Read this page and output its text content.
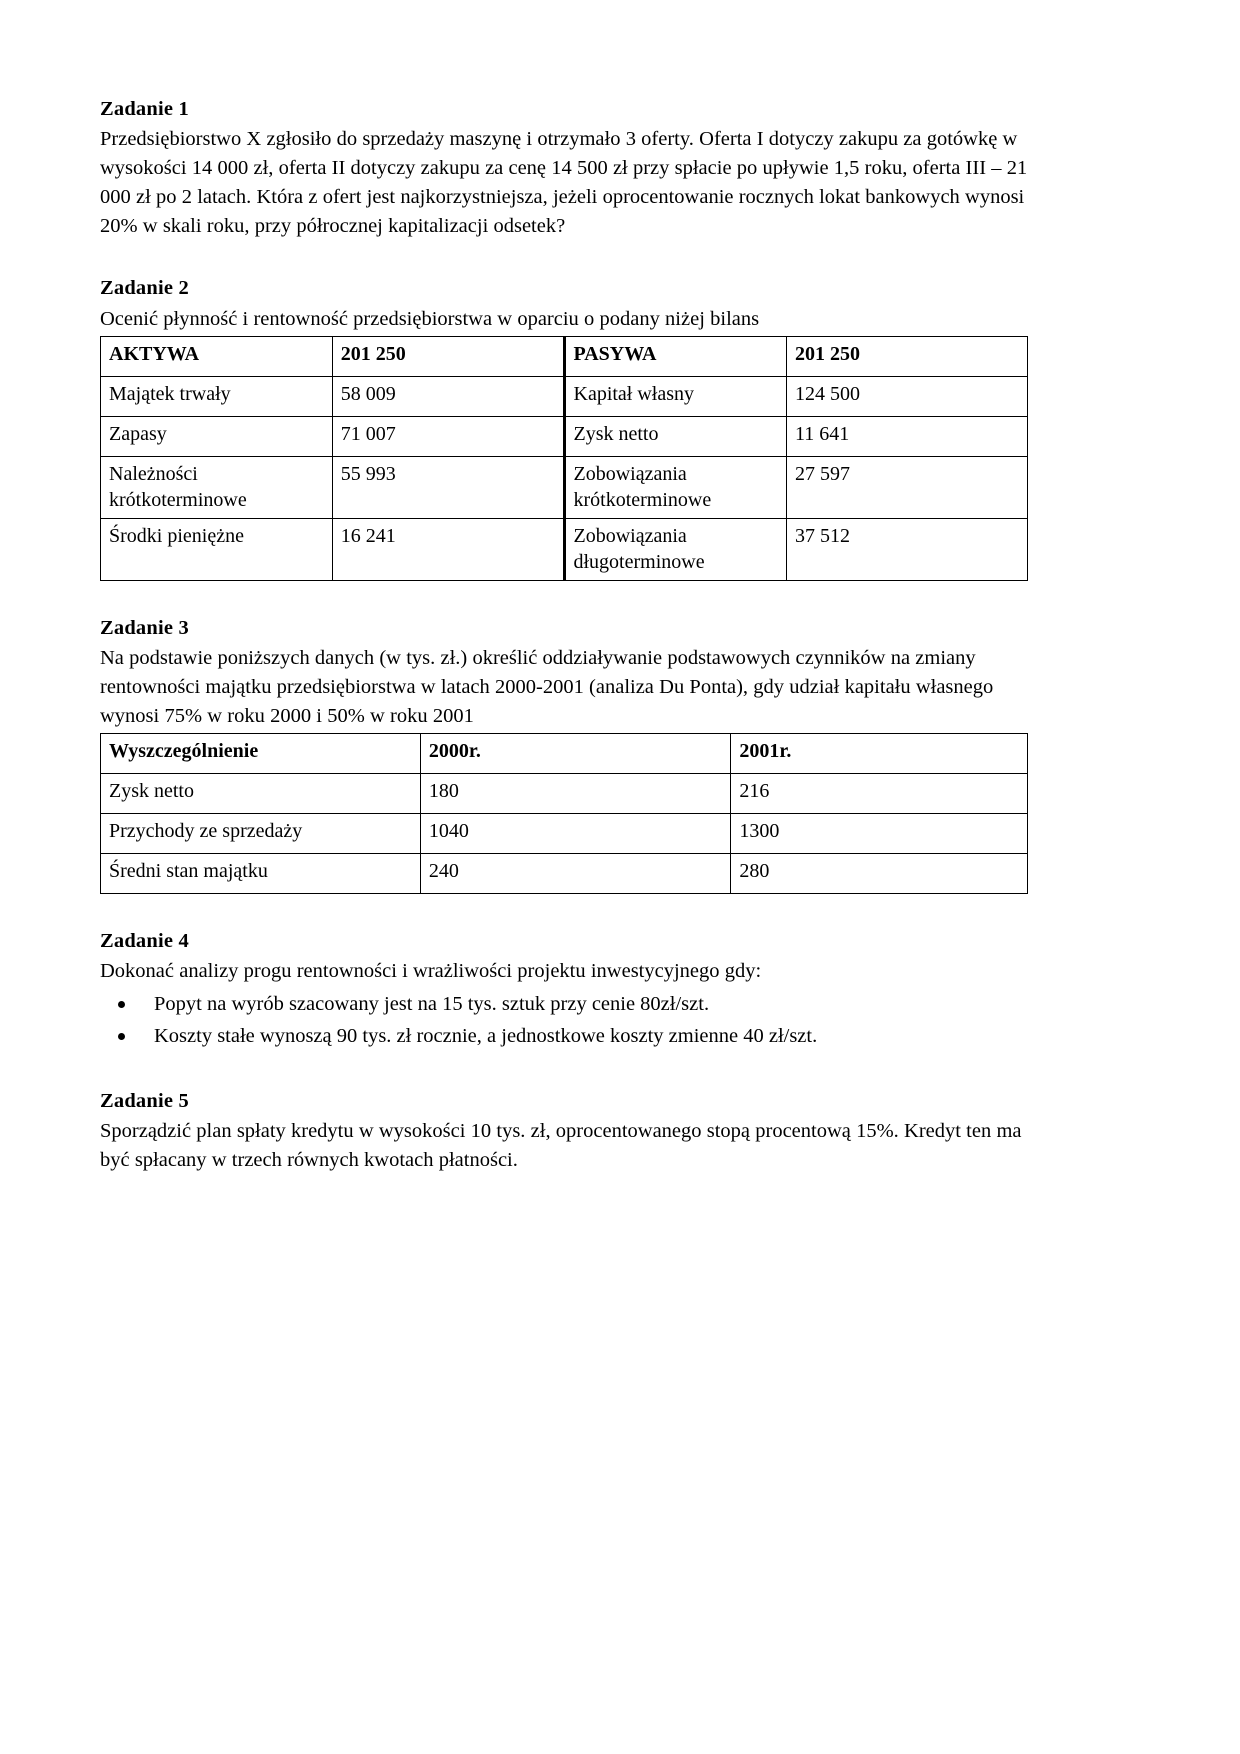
Zadanie 1

Przedsiębiorstwo X zgłosiło do sprzedaży maszynę i otrzymało 3 oferty. Oferta I dotyczy zakupu za gotówkę w wysokości 14 000 zł, oferta II dotyczy zakupu za cenę 14 500 zł przy spłacie po upływie 1,5 roku, oferta III – 21 000 zł po 2 latach. Która z ofert jest najkorzystniejsza, jeżeli oprocentowanie rocznych lokat bankowych wynosi 20% w skali roku, przy półrocznej kapitalizacji odsetek?

Zadanie 2

Ocenić płynność i rentowność przedsiębiorstwa w oparciu o podany niżej bilans

AKTYWA	201 250	PASYWA	201 250
Majątek trwały	58 009	Kapitał własny	124 500
Zapasy	71 007	Zysk netto	11 641
Należności krótkoterminowe	55 993	Zobowiązania krótkoterminowe	27 597
Środki pieniężne	16 241	Zobowiązania długoterminowe	37 512
Zadanie 3

Na podstawie poniższych danych (w tys. zł.) określić oddziaływanie podstawowych czynników na zmiany rentowności majątku przedsiębiorstwa w latach 2000-2001 (analiza Du Ponta), gdy udział kapitału własnego wynosi 75% w roku 2000 i 50% w roku 2001

Wyszczególnienie	2000r.	2001r.
Zysk netto	180	216
Przychody ze sprzedaży	1040	1300
Średni stan majątku	240	280
Zadanie 4

Dokonać analizy progu rentowności i wrażliwości projektu inwestycyjnego gdy:

Popyt na wyrób szacowany jest na 15 tys. sztuk przy cenie 80zł/szt.
Koszty stałe wynoszą 90 tys. zł rocznie, a jednostkowe koszty zmienne 40 zł/szt.
Zadanie 5

Sporządzić plan spłaty kredytu w wysokości 10 tys. zł, oprocentowanego stopą procentową 15%. Kredyt ten ma być spłacany w trzech równych kwotach płatności.
